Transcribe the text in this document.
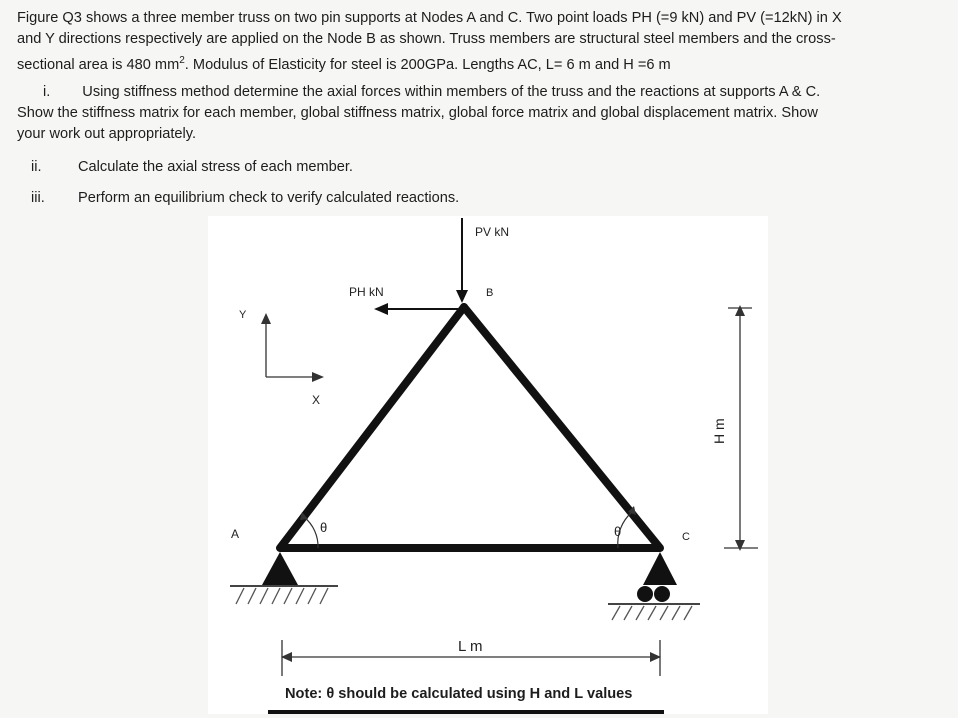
Figure Q3 shows a three member truss on two pin supports at Nodes A and C. Two point loads PH (=9 kN) and PV (=12kN) in X
and Y directions respectively are applied on the Node B as shown. Truss members are structural steel members and the cross-
sectional area is 480 $mm^2$. Modulus of Elasticity for steel is 200GPa. Lengths AC, L= 6 m and H =6 m
i. Using stiffness method determine the axial forces within members of the truss and the reactions at supports A & C.
Show the stiffness matrix for each member, global stiffness matrix, global force matrix and global displacement matrix. Show
your work out appropriately.
ii. Calculate the axial stress of each member.
iii. Perform an equilibrium check to verify calculated reactions.
PV kN
PH kN	B
A	C
Y
X
θ	θ
L m
H m
Note: θ should be calculated using H and L values
